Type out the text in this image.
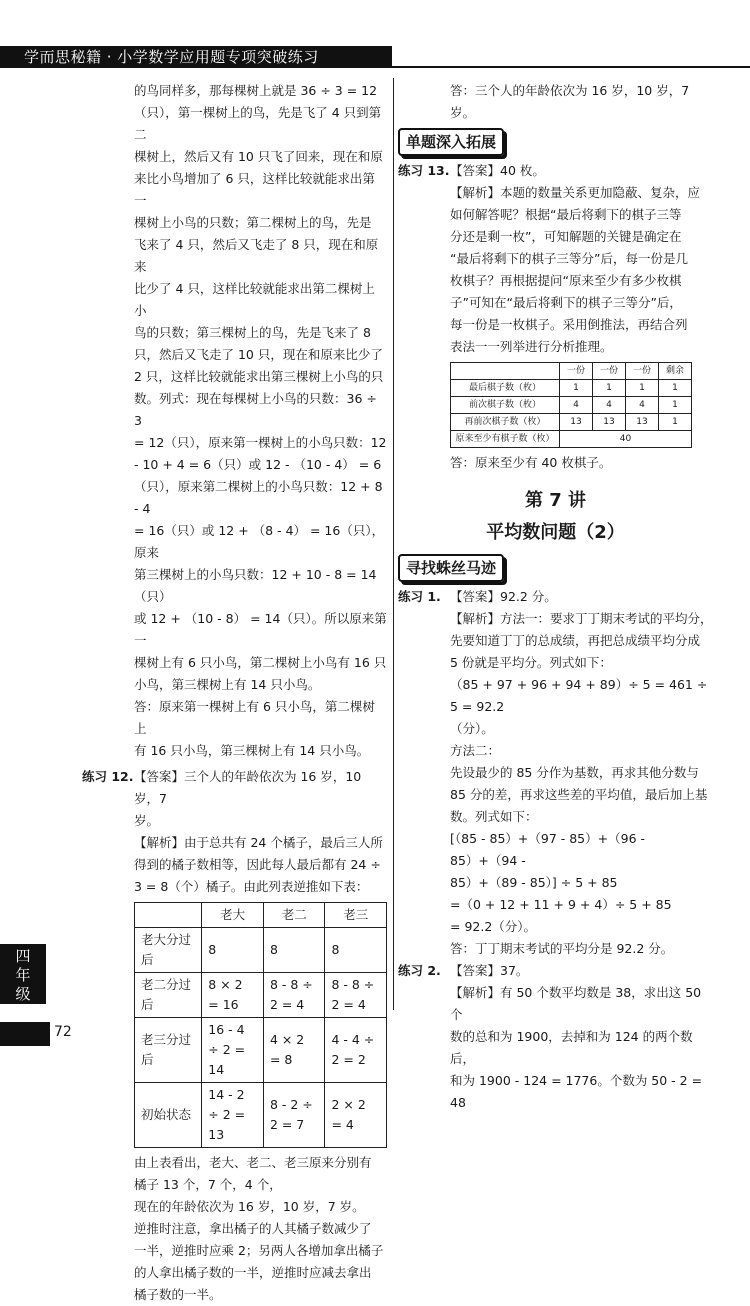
学而思秘籍 · 小学数学应用题专项突破练习

的鸟同样多，那每棵树上就是 36 ÷ 3 = 12

（只），第一棵树上的鸟，先是飞了 4 只到第二

棵树上，然后又有 10 只飞了回来，现在和原

来比小鸟增加了 6 只，这样比较就能求出第一

棵树上小鸟的只数；第二棵树上的鸟，先是

飞来了 4 只，然后又飞走了 8 只，现在和原来

比少了 4 只，这样比较就能求出第二棵树上小

鸟的只数；第三棵树上的鸟，先是飞来了 8

只，然后又飞走了 10 只，现在和原来比少了

2 只，这样比较就能求出第三棵树上小鸟的只

数。列式：现在每棵树上小鸟的只数：36 ÷ 3

= 12（只），原来第一棵树上的小鸟只数：12

- 10 + 4 = 6（只）或 12 - （10 - 4） = 6

（只），原来第二棵树上的小鸟只数：12 + 8 - 4

= 16（只）或 12 + （8 - 4） = 16（只），原来

第三棵树上的小鸟只数：12 + 10 - 8 = 14（只）

或 12 + （10 - 8） = 14（只）。所以原来第一

棵树上有 6 只小鸟，第二棵树上小鸟有 16 只

小鸟，第三棵树上有 14 只小鸟。

答：原来第一棵树上有 6 只小鸟，第二棵树上

有 16 只小鸟，第三棵树上有 14 只小鸟。

练习 12.【答案】三个人的年龄依次为 16 岁，10 岁，7

岁。

【解析】由于总共有 24 个橘子，最后三人所

得到的橘子数相等，因此每人最后都有 24 ÷

3 = 8（个）橘子。由此列表逆推如下表：

	老大	老二	老三
老大分过后	8	8	8
老二分过后	8 × 2 = 16	8 - 8 ÷ 2 = 4	8 - 8 ÷ 2 = 4
老三分过后	16 - 4 ÷ 2 = 14	4 × 2 = 8	4 - 4 ÷ 2 = 2
初始状态	14 - 2 ÷ 2 = 13	8 - 2 ÷ 2 = 7	2 × 2 = 4

由上表看出，老大、老二、老三原来分别有

橘子 13 个，7 个，4 个，

现在的年龄依次为 16 岁，10 岁，7 岁。

逆推时注意，拿出橘子的人其橘子数减少了

一半，逆推时应乘 2；另两人各增加拿出橘子

的人拿出橘子数的一半，逆推时应减去拿出

橘子数的一半。

答：三个人的年龄依次为 16 岁，10 岁，7

岁。

单题深入拓展

练习 13.【答案】40 枚。

【解析】本题的数量关系更加隐蔽、复杂，应

如何解答呢？根据“最后将剩下的棋子三等

分还是剩一枚”，可知解题的关键是确定在

“最后将剩下的棋子三等分”后，每一份是几

枚棋子？再根据提问“原来至少有多少枚棋

子”可知在“最后将剩下的棋子三等分”后，

每一份是一枚棋子。采用倒推法，再结合列

表法一一列举进行分析推理。

	一份	一份	一份	剩余
最后棋子数（枚）	1	1	1	1
前次棋子数（枚）	4	4	4	1
再前次棋子数（枚）	13	13	13	1
原来至少有棋子数（枚）	40			

答：原来至少有 40 枚棋子。

第 7 讲
平均数问题（2）
寻找蛛丝马迹

练习 1. 【答案】92.2 分。

【解析】方法一：要求丁丁期末考试的平均分，

先要知道丁丁的总成绩，再把总成绩平均分成

5 份就是平均分。列式如下：

（85 + 97 + 96 + 94 + 89）÷ 5 = 461 ÷ 5 = 92.2

（分）。

方法二：

先设最少的 85 分作为基数，再求其他分数与

85 分的差，再求这些差的平均值，最后加上基

数。列式如下：

[（85 - 85）+（97 - 85）+（96 - 85）+（94 -

85）+（89 - 85）] ÷ 5 + 85

=（0 + 12 + 11 + 9 + 4）÷ 5 + 85

= 92.2（分）。

答：丁丁期末考试的平均分是 92.2 分。

练习 2. 【答案】37。

【解析】有 50 个数平均数是 38，求出这 50 个

数的总和为 1900，去掉和为 124 的两个数后，

和为 1900 - 124 = 1776。个数为 50 - 2 = 48

四
年
级
72
